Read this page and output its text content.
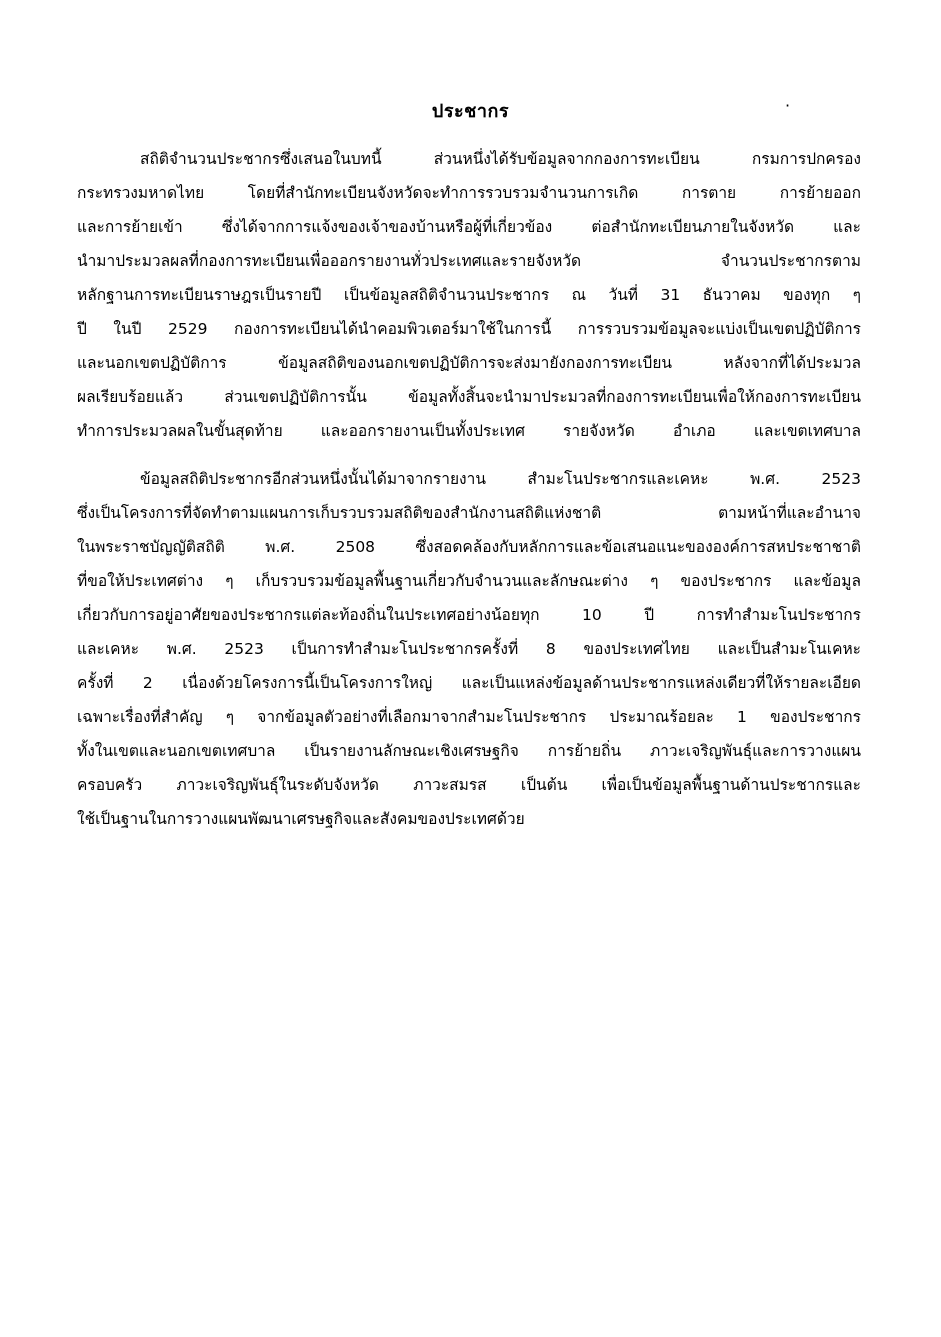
ประชากร	·
สถิติจำนวนประชากรซึ่งเสนอในบทนี้ ส่วนหนึ่งได้รับข้อมูลจากกองการทะเบียน กรมการปกครอง
กระทรวงมหาดไทย โดยที่สำนักทะเบียนจังหวัดจะทำการรวบรวมจำนวนการเกิด การตาย การย้ายออก
และการย้ายเข้า ซึ่งได้จากการแจ้งของเจ้าของบ้านหรือผู้ที่เกี่ยวข้อง ต่อสำนักทะเบียนภายในจังหวัด และ
นำมาประมวลผลที่กองการทะเบียนเพื่อออกรายงานทั่วประเทศและรายจังหวัด จำนวนประชากรตาม
หลักฐานการทะเบียนราษฎรเป็นรายปี เป็นข้อมูลสถิติจำนวนประชากร ณ วันที่ 31 ธันวาคม ของทุก ๆ
ปี ในปี 2529 กองการทะเบียนได้นำคอมพิวเตอร์มาใช้ในการนี้ การรวบรวมข้อมูลจะแบ่งเป็นเขตปฏิบัติการ
และนอกเขตปฏิบัติการ ข้อมูลสถิติของนอกเขตปฏิบัติการจะส่งมายังกองการทะเบียน หลังจากที่ได้ประมวล
ผลเรียบร้อยแล้ว ส่วนเขตปฏิบัติการนั้น ข้อมูลทั้งสิ้นจะนำมาประมวลที่กองการทะเบียนเพื่อให้กองการทะเบียน
ทำการประมวลผลในขั้นสุดท้าย และออกรายงานเป็นทั้งประเทศ รายจังหวัด อำเภอ และเขตเทศบาล
ข้อมูลสถิติประชากรอีกส่วนหนึ่งนั้นได้มาจากรายงาน สำมะโนประชากรและเคหะ พ.ศ. 2523
ซึ่งเป็นโครงการที่จัดทำตามแผนการเก็บรวบรวมสถิติของสำนักงานสถิติแห่งชาติ ตามหน้าที่และอำนาจ
ในพระราชบัญญัติสถิติ พ.ศ. 2508 ซึ่งสอดคล้องกับหลักการและข้อเสนอแนะขององค์การสหประชาชาติ
ที่ขอให้ประเทศต่าง ๆ เก็บรวบรวมข้อมูลพื้นฐานเกี่ยวกับจำนวนและลักษณะต่าง ๆ ของประชากร และข้อมูล
เกี่ยวกับการอยู่อาศัยของประชากรแต่ละท้องถิ่นในประเทศอย่างน้อยทุก 10 ปี การทำสำมะโนประชากร
และเคหะ พ.ศ. 2523 เป็นการทำสำมะโนประชากรครั้งที่ 8 ของประเทศไทย และเป็นสำมะโนเคหะ
ครั้งที่ 2 เนื่องด้วยโครงการนี้เป็นโครงการใหญ่ และเป็นแหล่งข้อมูลด้านประชากรแหล่งเดียวที่ให้รายละเอียด
เฉพาะเรื่องที่สำคัญ ๆ จากข้อมูลตัวอย่างที่เลือกมาจากสำมะโนประชากร ประมาณร้อยละ 1 ของประชากร
ทั้งในเขตและนอกเขตเทศบาล เป็นรายงานลักษณะเชิงเศรษฐกิจ การย้ายถิ่น ภาวะเจริญพันธุ์และการวางแผน
ครอบครัว ภาวะเจริญพันธุ์ในระดับจังหวัด ภาวะสมรส เป็นต้น เพื่อเป็นข้อมูลพื้นฐานด้านประชากรและ
ใช้เป็นฐานในการวางแผนพัฒนาเศรษฐกิจและสังคมของประเทศด้วย
